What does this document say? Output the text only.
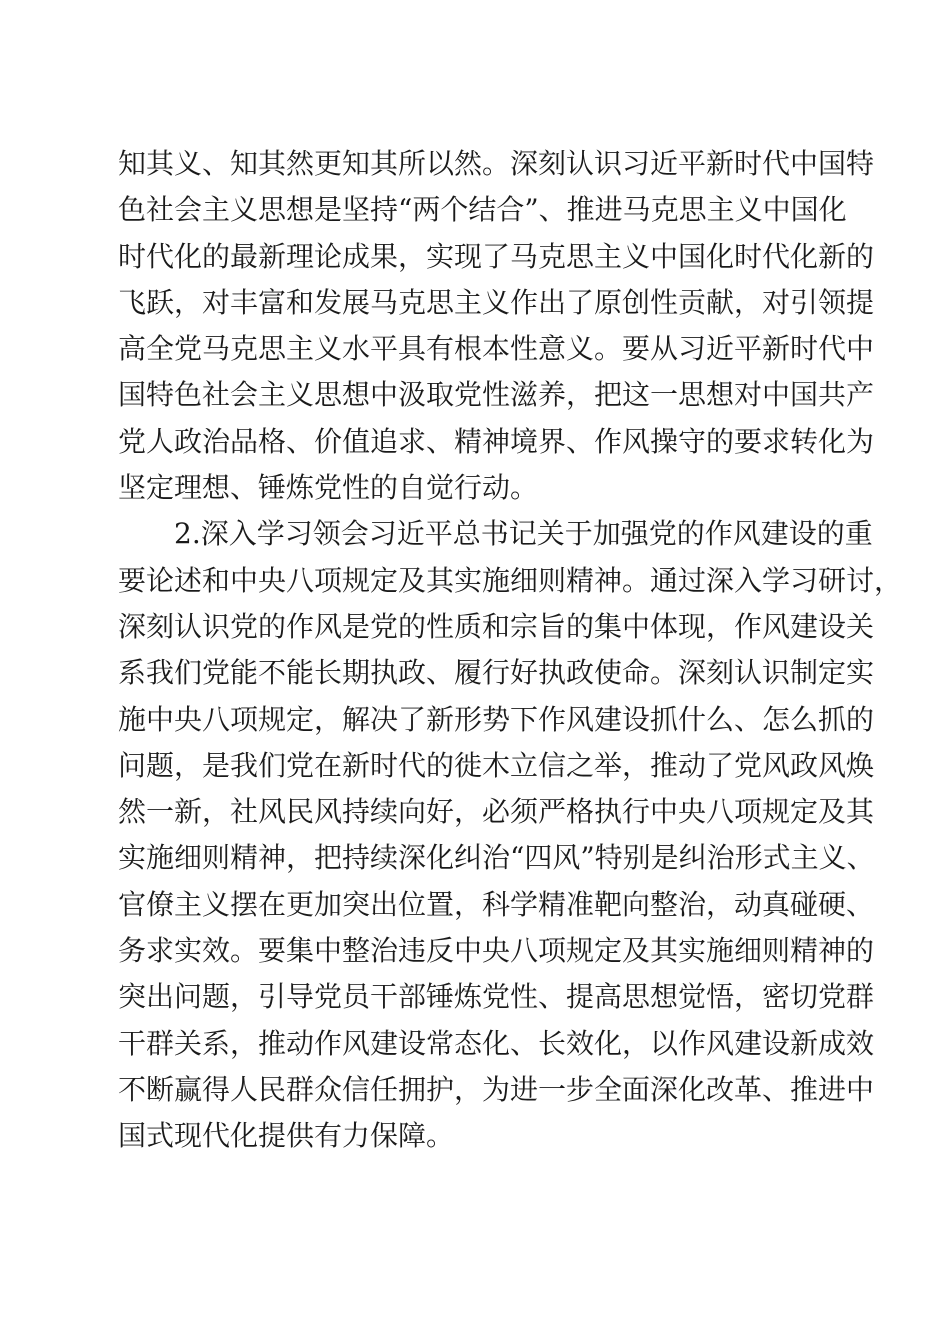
知其义、知其然更知其所以然。深刻认识习近平新时代中国特
色社会主义思想是坚持“两个结合”、推进马克思主义中国化
时代化的最新理论成果，实现了马克思主义中国化时代化新的
飞跃，对丰富和发展马克思主义作出了原创性贡献，对引领提
高全党马克思主义水平具有根本性意义。要从习近平新时代中
国特色社会主义思想中汲取党性滋养，把这一思想对中国共产
党人政治品格、价值追求、精神境界、作风操守的要求转化为
坚定理想、锤炼党性的自觉行动。
　　2.深入学习领会习近平总书记关于加强党的作风建设的重
要论述和中央八项规定及其实施细则精神。通过深入学习研讨，
深刻认识党的作风是党的性质和宗旨的集中体现，作风建设关
系我们党能不能长期执政、履行好执政使命。深刻认识制定实
施中央八项规定，解决了新形势下作风建设抓什么、怎么抓的
问题，是我们党在新时代的徙木立信之举，推动了党风政风焕
然一新，社风民风持续向好，必须严格执行中央八项规定及其
实施细则精神，把持续深化纠治“四风”特别是纠治形式主义、
官僚主义摆在更加突出位置，科学精准靶向整治，动真碰硬、
务求实效。要集中整治违反中央八项规定及其实施细则精神的
突出问题，引导党员干部锤炼党性、提高思想觉悟，密切党群
干群关系，推动作风建设常态化、长效化，以作风建设新成效
不断赢得人民群众信任拥护，为进一步全面深化改革、推进中
国式现代化提供有力保障。
